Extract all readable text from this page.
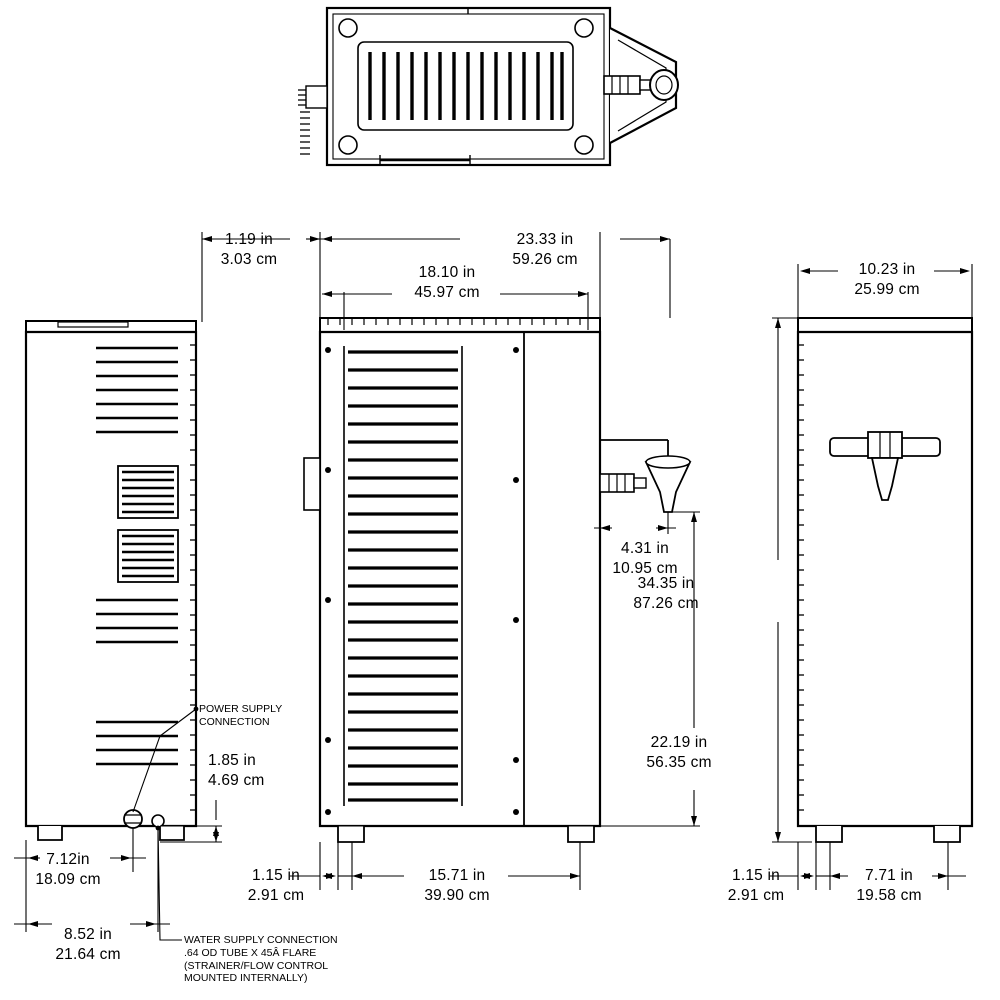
1.19 in
3.03 cm
23.33 in
59.26 cm
18.10 in
45.97 cm
10.23 in
25.99 cm
4.31 in
10.95 cm
34.35 in
87.26 cm
22.19 in
56.35 cm
1.85 in
4.69 cm
7.12in
18.09 cm
8.52 in
21.64 cm
1.15 in
2.91 cm
15.71 in
39.90 cm
1.15 in
2.91 cm
7.71 in
19.58 cm
POWER SUPPLY
CONNECTION
WATER SUPPLY CONNECTION
.64 OD TUBE X 45Â FLARE
(STRAINER/FLOW CONTROL
MOUNTED INTERNALLY)
